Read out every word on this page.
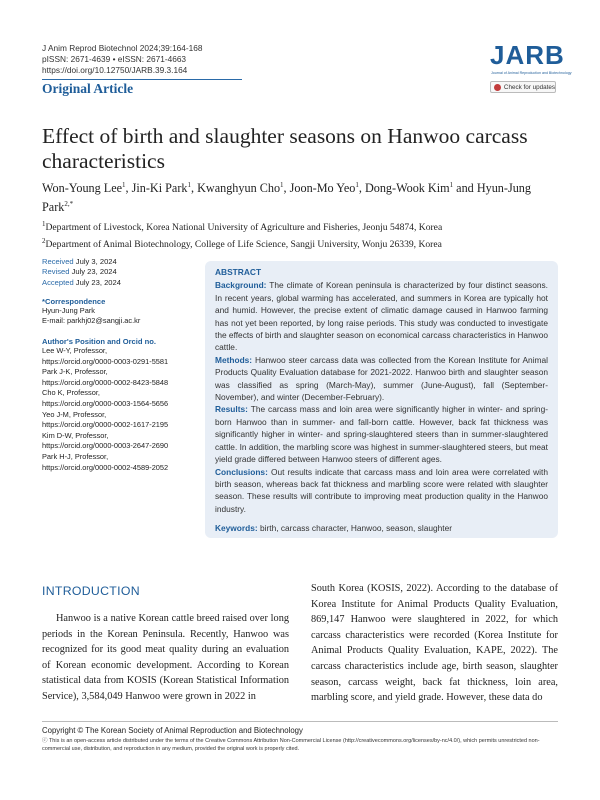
J Anim Reprod Biotechnol 2024;39:164-168
pISSN: 2671-4639 • eISSN: 2671-4663
https://doi.org/10.12750/JARB.39.3.164
Original Article
JARB
Journal of Animal Reproduction and Biotechnology
Check for updates
Effect of birth and slaughter seasons on Hanwoo carcass characteristics
Won-Young Lee$^1$, Jin-Ki Park$^1$, Kwanghyun Cho$^1$, Joon-Mo Yeo$^1$, Dong-Wook Kim$^1$ and Hyun-Jung Park$^{2,*}$
$^1$Department of Livestock, Korea National University of Agriculture and Fisheries, Jeonju 54874, Korea
$^2$Department of Animal Biotechnology, College of Life Science, Sangji University, Wonju 26339, Korea
Received July 3, 2024
Revised July 23, 2024
Accepted July 23, 2024
*Correspondence
Hyun-Jung Park
E-mail: parkhj02@sangji.ac.kr
Author's Position and Orcid no.
Lee W-Y, Professor,
https://orcid.org/0000-0003-0291-5581
Park J-K, Professor,
https://orcid.org/0000-0002-8423-5848
Cho K, Professor,
https://orcid.org/0000-0003-1564-5656
Yeo J-M, Professor,
https://orcid.org/0000-0002-1617-2195
Kim D-W, Professor,
https://orcid.org/0000-0003-2647-2690
Park H-J, Professor,
https://orcid.org/0000-0002-4589-2052
ABSTRACT

Background: The climate of Korean peninsula is characterized by four distinct seasons. In recent years, global warming has accelerated, and summers in Korea are typically hot and humid. However, the precise extent of climatic damage caused in Hanwoo farming has not yet been reported, by long raise periods. This study was conducted to investigate the effects of birth and slaughter season on economical carcass characteristics in Hanwoo cattle.

Methods: Hanwoo steer carcass data was collected from the Korean Institute for Animal Products Quality Evaluation database for 2021-2022. Hanwoo birth and slaughter season was classified as spring (March-May), summer (June-August), fall (September-November), and winter (December-February).

Results: The carcass mass and loin area were significantly higher in winter- and spring-born Hanwoo than in summer- and fall-born cattle. However, back fat thickness was significantly higher in winter- and spring-slaughtered steers than in summer-slaughtered cattle. In addition, the marbling score was highest in summer-slaughtered steers, but meat yield grade differed between Hanwoo steers of different ages.

Conclusions: Out results indicate that carcass mass and loin area were correlated with birth season, whereas back fat thickness and marbling score were related with slaughter season. These results will contribute to improving meat production quality in the Hanwoo industry.

Keywords: birth, carcass character, Hanwoo, season, slaughter

INTRODUCTION
Hanwoo is a native Korean cattle breed raised over long periods in the Korean Peninsula. Recently, Hanwoo was recognized for its good meat quality during an evaluation of Korean economic development. According to Korean statistical data from KOSIS (Korean Statistical Information Service), 3,584,049 Hanwoo were grown in 2022 in
South Korea (KOSIS, 2022). According to the database of Korea Institute for Animal Products Quality Evaluation, 869,147 Hanwoo were slaughtered in 2022, for which carcass characteristics were recorded (Korea Institute for Animal Products Quality Evaluation, KAPE, 2022). The carcass characteristics include age, birth season, slaughter season, carcass weight, back fat thickness, loin area, marbling score, and yield grade. However, these data do
Copyright © The Korean Society of Animal Reproduction and Biotechnology
ⓒ This is an open-access article distributed under the terms of the Creative Commons Attribution Non-Commercial License (http://creativecommons.org/licenses/by-nc/4.0/), which permits unrestricted non-commercial use, distribution, and reproduction in any medium, provided the original work is properly cited.
